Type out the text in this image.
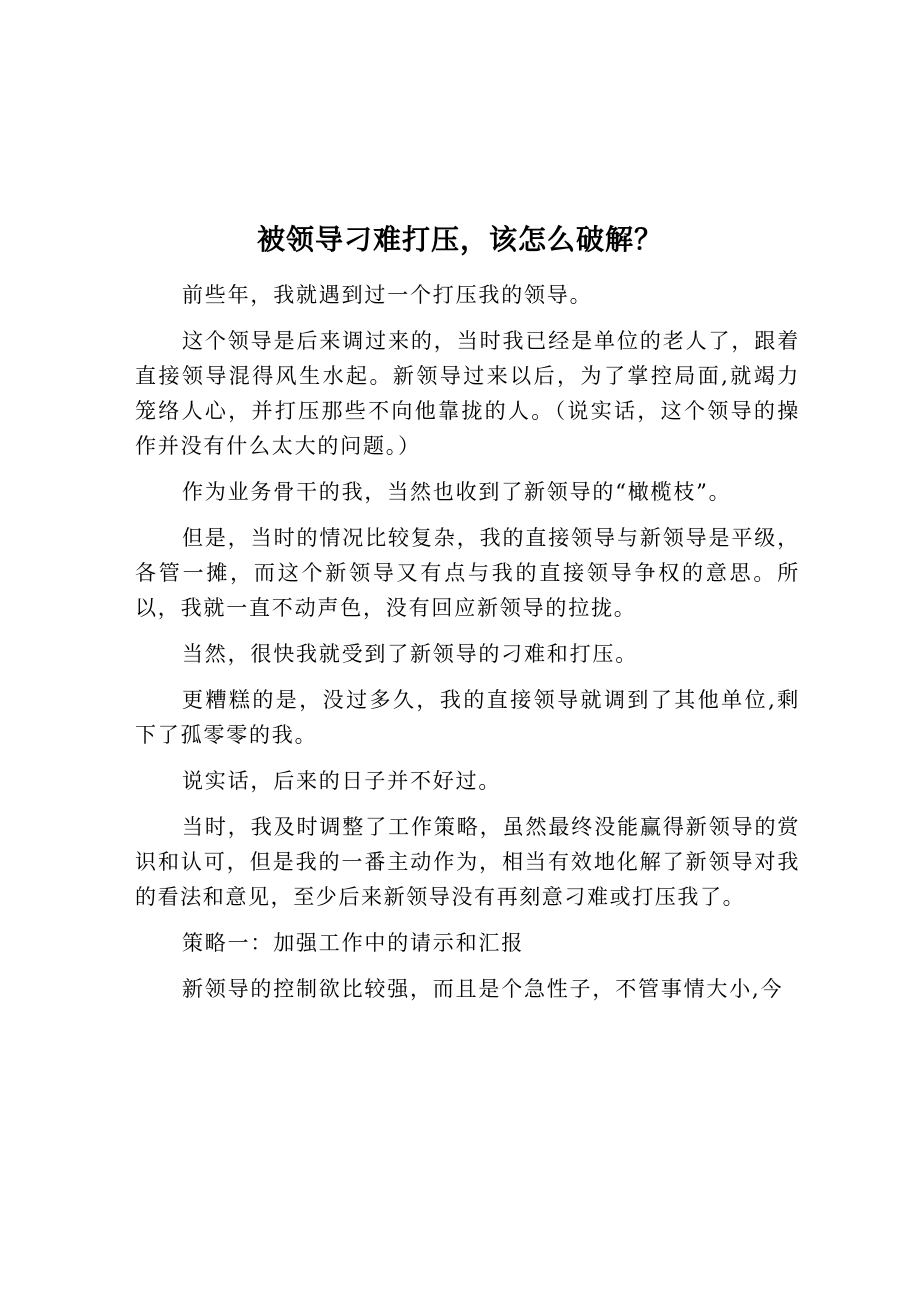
被领导刁难打压，该怎么破解？

前些年，我就遇到过一个打压我的领导。

这个领导是后来调过来的，当时我已经是单位的老人了，跟着直接领导混得风生水起。新领导过来以后，为了掌控局面,就竭力笼络人心，并打压那些不向他靠拢的人。（说实话，这个领导的操作并没有什么太大的问题。）

作为业务骨干的我，当然也收到了新领导的“橄榄枝”。

但是，当时的情况比较复杂，我的直接领导与新领导是平级，各管一摊，而这个新领导又有点与我的直接领导争权的意思。所以，我就一直不动声色，没有回应新领导的拉拢。

当然，很快我就受到了新领导的刁难和打压。

更糟糕的是，没过多久，我的直接领导就调到了其他单位,剩下了孤零零的我。

说实话，后来的日子并不好过。

当时，我及时调整了工作策略，虽然最终没能赢得新领导的赏识和认可，但是我的一番主动作为，相当有效地化解了新领导对我的看法和意见，至少后来新领导没有再刻意刁难或打压我了。

策略一：加强工作中的请示和汇报

新领导的控制欲比较强，而且是个急性子，不管事情大小,今
